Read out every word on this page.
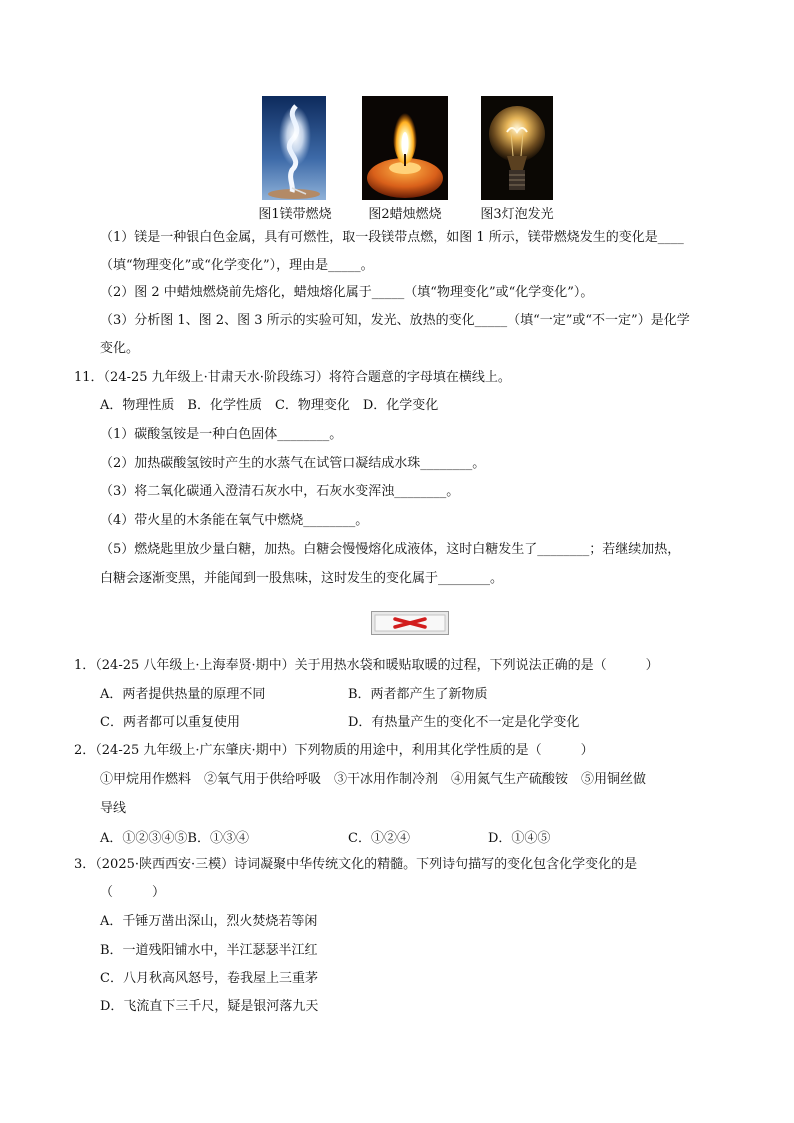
图1镁带燃烧	图2蜡烛燃烧	图3灯泡发光
（1）镁是一种银白色金属，具有可燃性，取一段镁带点燃，如图 1 所示，镁带燃烧发生的变化是____
（填“物理变化”或“化学变化”），理由是_____。
（2）图 2 中蜡烛燃烧前先熔化，蜡烛熔化属于_____（填“物理变化”或“化学变化”）。
（3）分析图 1、图 2、图 3 所示的实验可知，发光、放热的变化_____（填“一定”或“不一定”）是化学
变化。
11．（24-25 九年级上·甘肃天水·阶段练习）将符合题意的字母填在横线上。
A．物理性质　B．化学性质　C．物理变化　D．化学变化
（1）碳酸氢铵是一种白色固体________。
（2）加热碳酸氢铵时产生的水蒸气在试管口凝结成水珠________。
（3）将二氧化碳通入澄清石灰水中，石灰水变浑浊________。
（4）带火星的木条能在氧气中燃烧________。
（5）燃烧匙里放少量白糖，加热。白糖会慢慢熔化成液体，这时白糖发生了________；若继续加热，
白糖会逐渐变黑，并能闻到一股焦味，这时发生的变化属于________。
1．（24-25 八年级上·上海奉贤·期中）关于用热水袋和暖贴取暖的过程，下列说法正确的是（　　　）
A．两者提供热量的原理不同	B．两者都产生了新物质
C．两者都可以重复使用	D．有热量产生的变化不一定是化学变化
2．（24-25 九年级上·广东肇庆·期中）下列物质的用途中，利用其化学性质的是（　　　）
①甲烷用作燃料　②氧气用于供给呼吸　③干冰用作制冷剂　④用氮气生产硫酸铵　⑤用铜丝做
导线
A．①②③④⑤B．①③④	C．①②④	D．①④⑤
3．（2025·陕西西安·三模）诗词凝聚中华传统文化的精髓。下列诗句描写的变化包含化学变化的是
（　　　）
A．千锤万凿出深山，烈火焚烧若等闲
B．一道残阳铺水中，半江瑟瑟半江红
C．八月秋高风怒号，卷我屋上三重茅
D．飞流直下三千尺，疑是银河落九天
